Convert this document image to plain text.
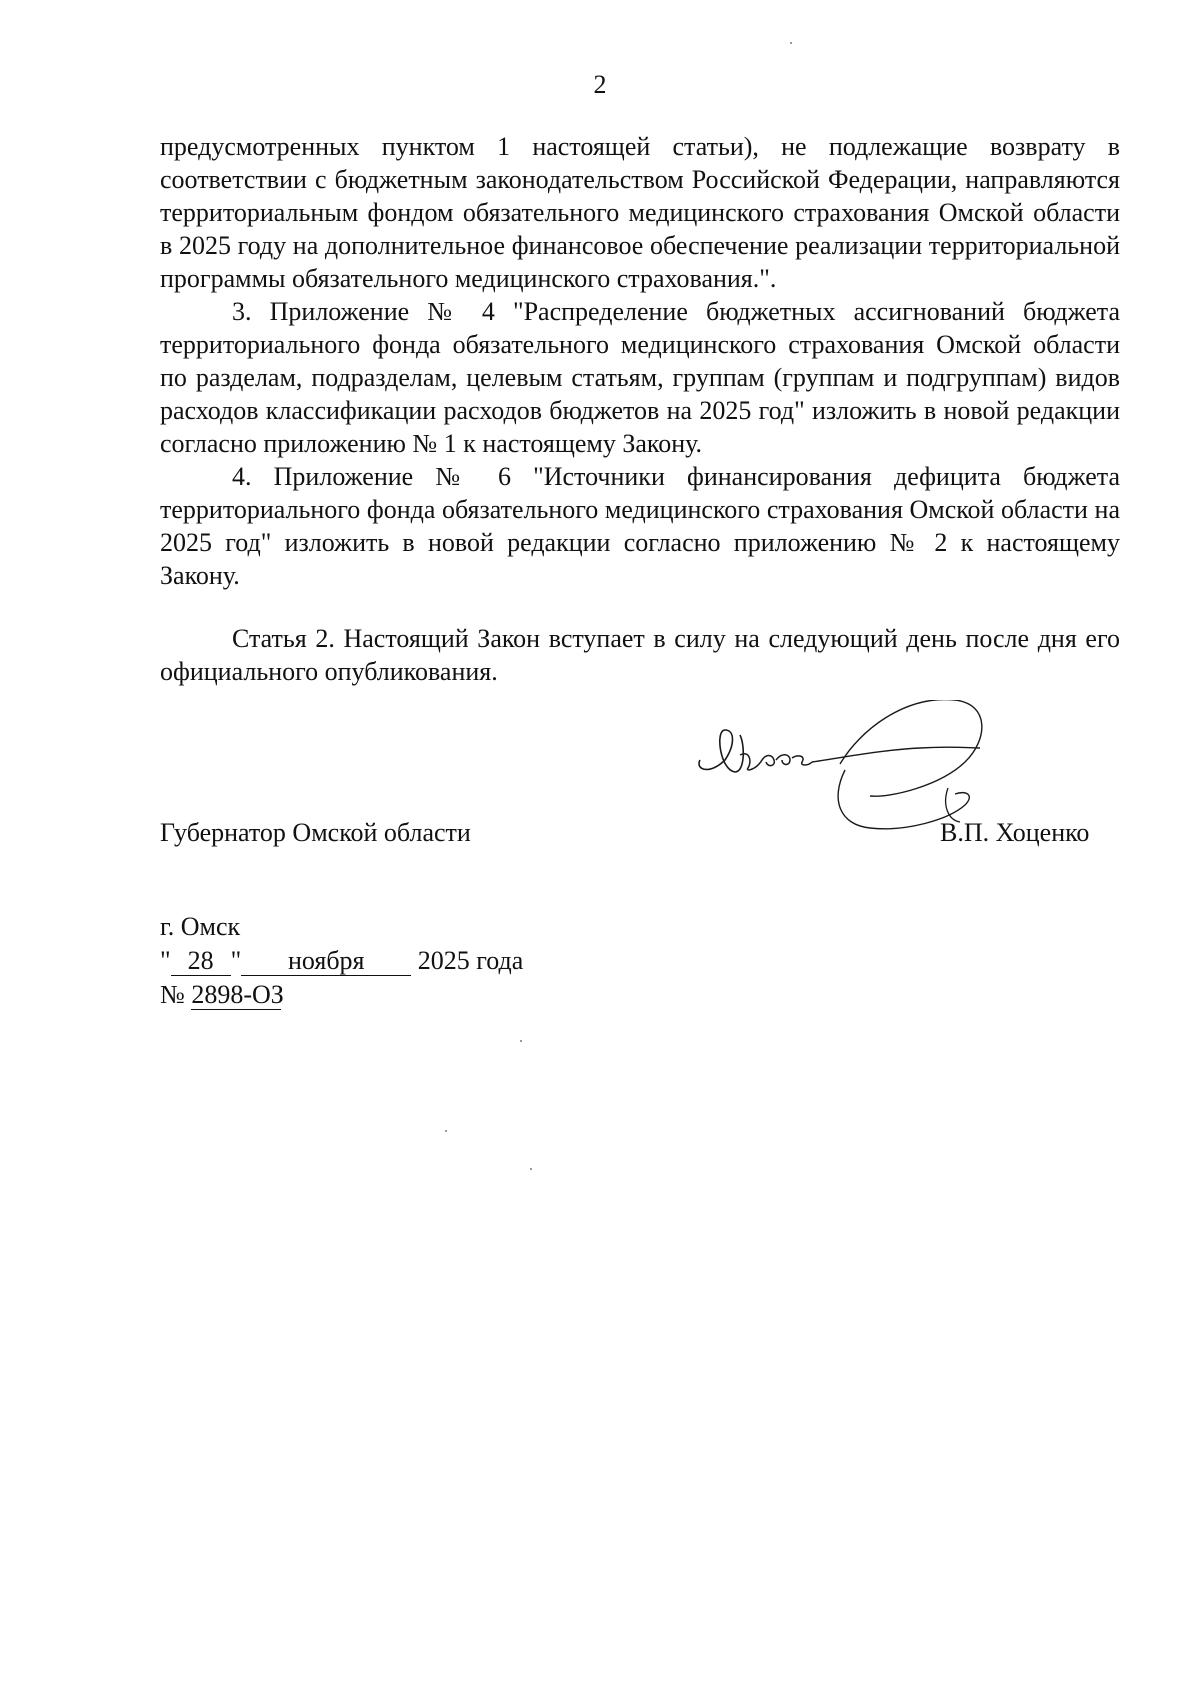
2

предусмотренных пунктом 1 настоящей статьи), не подлежащие возврату в соответствии с бюджетным законодательством Российской Федерации, направляются территориальным фондом обязательного медицинского страхования Омской области в 2025 году на дополнительное финансовое обеспечение реализации территориальной программы обязательного медицинского страхования.".

3. Приложение № 4 "Распределение бюджетных ассигнований бюджета территориального фонда обязательного медицинского страхования Омской области по разделам, подразделам, целевым статьям, группам (группам и подгруппам) видов расходов классификации расходов бюджетов на 2025 год" изложить в новой редакции согласно приложению № 1 к настоящему Закону.

4. Приложение № 6 "Источники финансирования дефицита бюджета территориального фонда обязательного медицинского страхования Омской области на 2025 год" изложить в новой редакции согласно приложению № 2 к настоящему Закону.

Статья 2. Настоящий Закон вступает в силу на следующий день после дня его официального опубликования.

Губернатор Омской области	В.П. Хоценко
г. Омск
" 28 " ноября 2025 года
№ 2898-ОЗ
